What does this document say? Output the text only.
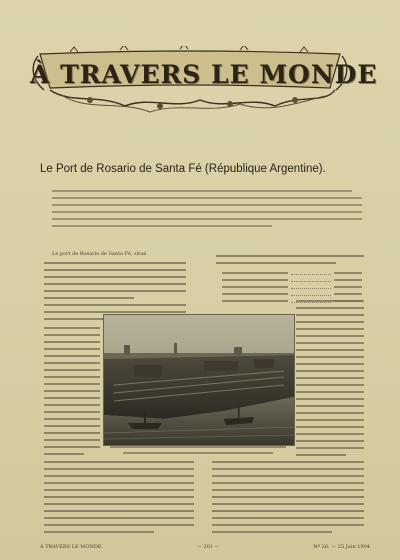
À TRAVERS LE MONDE
Le Port de Rosario de Santa Fé (République Argentine).
Le port de Rosario de Santa Fé, situé
À TRAVERS LE MONDE.	— 201 —	Nº 26. — 25 Juin 1904
